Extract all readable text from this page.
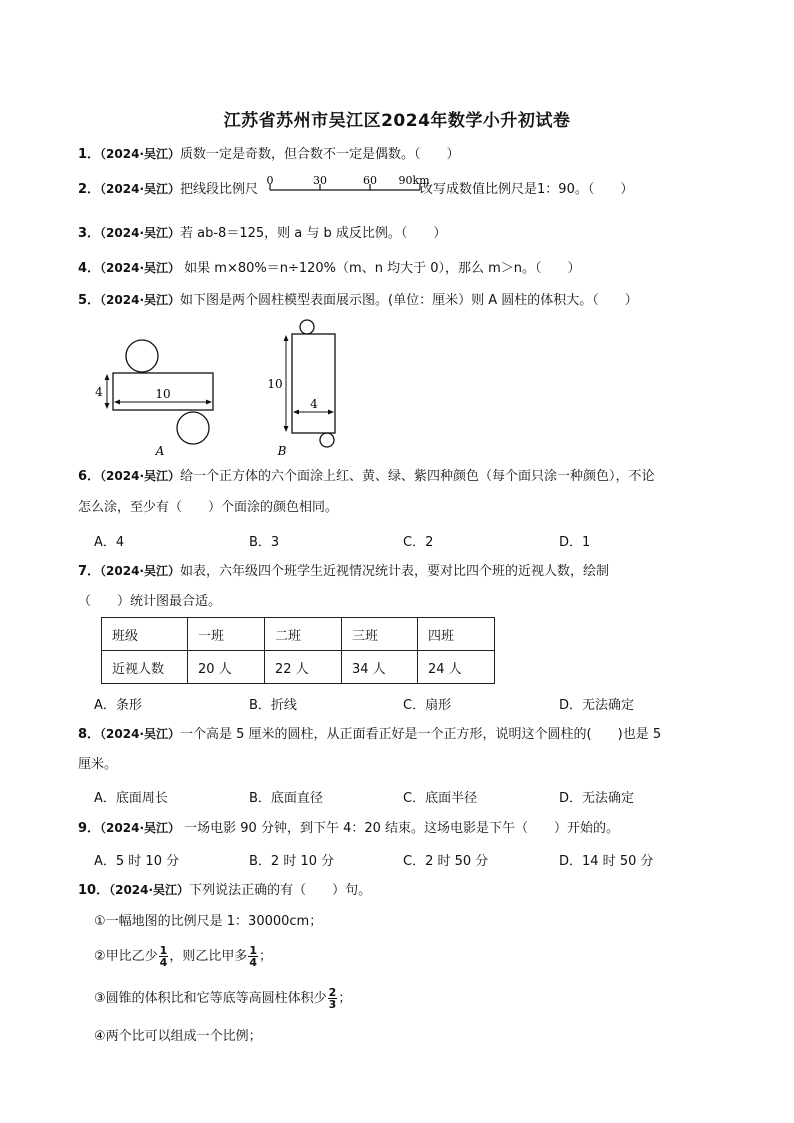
江苏省苏州市吴江区2024年数学小升初试卷
1．（2024·吴江）质数一定是奇数，但合数不一定是偶数。（　　）
2．（2024·吴江）把线段比例尺	改写成数值比例尺是1：90。（　　）
0	30	60 90km
3．（2024·吴江）若 ab-8＝125，则 a 与 b 成反比例。（　　）
4．（2024·吴江） 如果 m×80%＝n÷120%（m、n 均大于 0），那么 m＞n。（　　）
5．（2024·吴江）如下图是两个圆柱模型表面展示图。(单位：厘米）则 A 圆柱的体积大。（　　）
4	10
A
10
4
B
6．（2024·吴江）给一个正方体的六个面涂上红、黄、绿、紫四种颜色（每个面只涂一种颜色），不论
怎么涂，至少有（　　）个面涂的颜色相同。
A．4	B．3	C．2	D．1
7．（2024·吴江）如表，六年级四个班学生近视情况统计表，要对比四个班的近视人数，绘制
（　　）统计图最合适。
班级	一班	二班	三班	四班
近视人数	20 人	22 人	34 人	24 人
A．条形	B．折线	C．扇形	D．无法确定
8．（2024·吴江）一个高是 5 厘米的圆柱，从正面看正好是一个正方形，说明这个圆柱的(　　)也是 5
厘米。
A．底面周长	B．底面直径	C．底面半径	D．无法确定
9．（2024·吴江） 一场电影 90 分钟，到下午 4：20 结束。这场电影是下午（　　）开始的。
A．5 时 10 分	B．2 时 10 分	C．2 时 50 分	D．14 时 50 分
10．（2024·吴江）下列说法正确的有（　　）句。
①一幅地图的比例尺是 1：30000cm；
②甲比乙少 $\frac{1}{4}$ ，则乙比甲多 $\frac{1}{4}$ ；
③圆锥的体积比和它等底等高圆柱体积少 $\frac{2}{3}$ ；
④两个比可以组成一个比例；
